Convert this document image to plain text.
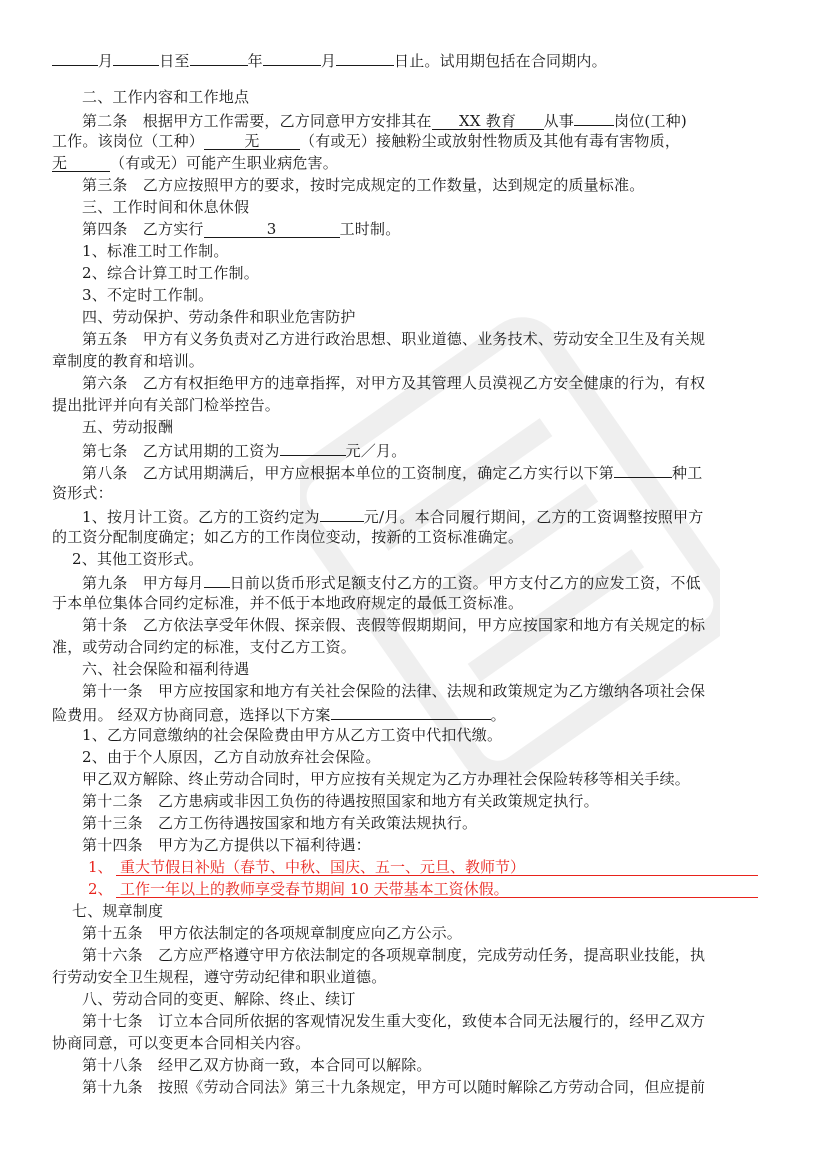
月	日至	年	月	日止。试用期包括在合同期内。
二、工作内容和工作地点
第二条　根据甲方工作需要，乙方同意甲方安排其在 XX 教育 从事	岗位(工种)
工作。该岗位（工种）	无	（有或无）接触粉尘或放射性物质及其他有毒有害物质，
无	（有或无）可能产生职业病危害。
第三条　乙方应按照甲方的要求，按时完成规定的工作数量，达到规定的质量标准。
三、工作时间和休息休假
第四条　乙方实行	3	工时制。
1、标准工时工作制。
2、综合计算工时工作制。
3、不定时工作制。
四、劳动保护、劳动条件和职业危害防护
第五条　甲方有义务负责对乙方进行政治思想、职业道德、业务技术、劳动安全卫生及有关规
章制度的教育和培训。
第六条　乙方有权拒绝甲方的违章指挥，对甲方及其管理人员漠视乙方安全健康的行为，有权
提出批评并向有关部门检举控告。
五、劳动报酬
第七条　乙方试用期的工资为	元／月。
第八条　乙方试用期满后，甲方应根据本单位的工资制度，确定乙方实行以下第	种工
资形式：
1、按月计工资。乙方的工资约定为	元/月。本合同履行期间，乙方的工资调整按照甲方
的工资分配制度确定；如乙方的工作岗位变动，按新的工资标准确定。
2、其他工资形式。
第九条　甲方每月 日前以货币形式足额支付乙方的工资。甲方支付乙方的应发工资，不低
于本单位集体合同约定标准，并不低于本地政府规定的最低工资标准。
第十条　乙方依法享受年休假、探亲假、丧假等假期期间，甲方应按国家和地方有关规定的标
准，或劳动合同约定的标准，支付乙方工资。
六、社会保险和福利待遇
第十一条　甲方应按国家和地方有关社会保险的法律、法规和政策规定为乙方缴纳各项社会保
险费用。 经双方协商同意，选择以下方案	。
1、乙方同意缴纳的社会保险费由甲方从乙方工资中代扣代缴。
2、由于个人原因，乙方自动放弃社会保险。
甲乙双方解除、终止劳动合同时，甲方应按有关规定为乙方办理社会保险转移等相关手续。
第十二条　乙方患病或非因工负伤的待遇按照国家和地方有关政策规定执行。
第十三条　乙方工伤待遇按国家和地方有关政策法规执行。
第十四条　甲方为乙方提供以下福利待遇：
1、　重大节假日补贴（春节、中秋、国庆、五一、元旦、教师节）
2、　工作一年以上的教师享受春节期间 10 天带基本工资休假。
七、规章制度
第十五条　甲方依法制定的各项规章制度应向乙方公示。
第十六条　乙方应严格遵守甲方依法制定的各项规章制度，完成劳动任务，提高职业技能，执
行劳动安全卫生规程，遵守劳动纪律和职业道德。
八、劳动合同的变更、解除、终止、续订
第十七条　订立本合同所依据的客观情况发生重大变化，致使本合同无法履行的，经甲乙双方
协商同意，可以变更本合同相关内容。
第十八条　经甲乙双方协商一致，本合同可以解除。
第十九条　按照《劳动合同法》第三十九条规定，甲方可以随时解除乙方劳动合同，但应提前
